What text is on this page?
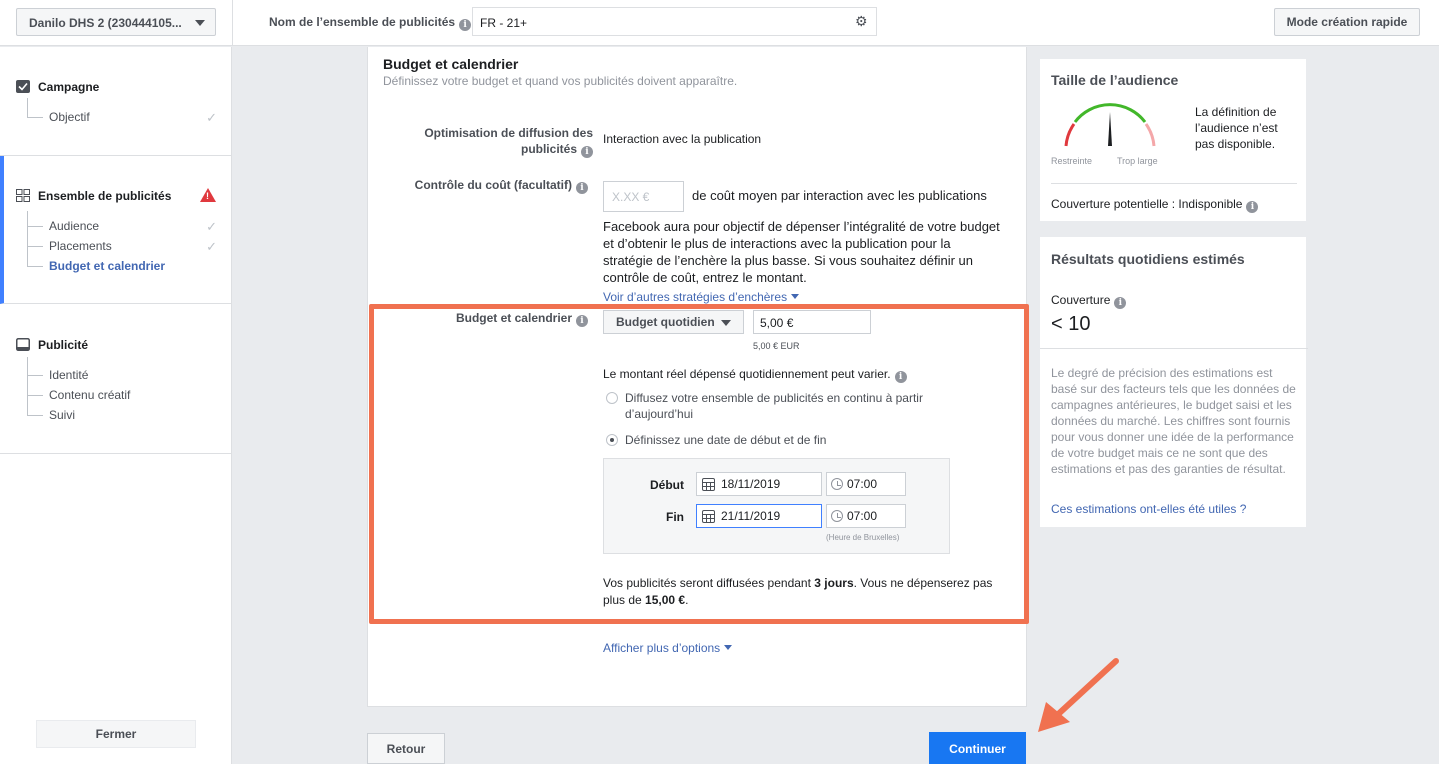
Danilo DHS 2 (230444105...	Nom de l’ensemble de publicités i	FR - 21+	⚙	Mode création rapide
Campagne
Objectif	✓
Ensemble de publicités	!
Audience	✓
Placements	✓
Budget et calendrier
Publicité
Identité
Contenu créatif
Suivi
Fermer
Budget et calendrier
Définissez votre budget et quand vos publicités doivent apparaître.
Optimisation de diffusion des publicités i
Interaction avec la publication
Contrôle du coût (facultatif) i
X.XX €	de coût moyen par interaction avec les publications
Facebook aura pour objectif de dépenser l’intégralité de votre budget et d’obtenir le plus de interactions avec la publication pour la stratégie de l’enchère la plus basse. Si vous souhaitez définir un contrôle de coût, entrez le montant.
Voir d’autres stratégies d’enchères
Budget et calendrier i	Budget quotidien	5,00 €
5,00 € EUR
Le montant réel dépensé quotidiennement peut varier. i
Diffusez votre ensemble de publicités en continu à partir d’aujourd’hui
Définissez une date de début et de fin
Début	18/11/2019	07:00
Fin	21/11/2019	07:00
(Heure de Bruxelles)
Vos publicités seront diffusées pendant 3 jours. Vous ne dépenserez pas plus de 15,00 €.
Afficher plus d’options
Retour	Continuer
Taille de l’audience
Restreinte	Trop large
La définition de l’audience n’est pas disponible.
Couverture potentielle : Indisponible i
Résultats quotidiens estimés
Couverture i
< 10
Le degré de précision des estimations est basé sur des facteurs tels que les données de campagnes antérieures, le budget saisi et les données du marché. Les chiffres sont fournis pour vous donner une idée de la performance de votre budget mais ce ne sont que des estimations et pas des garanties de résultat.
Ces estimations ont-elles été utiles ?
